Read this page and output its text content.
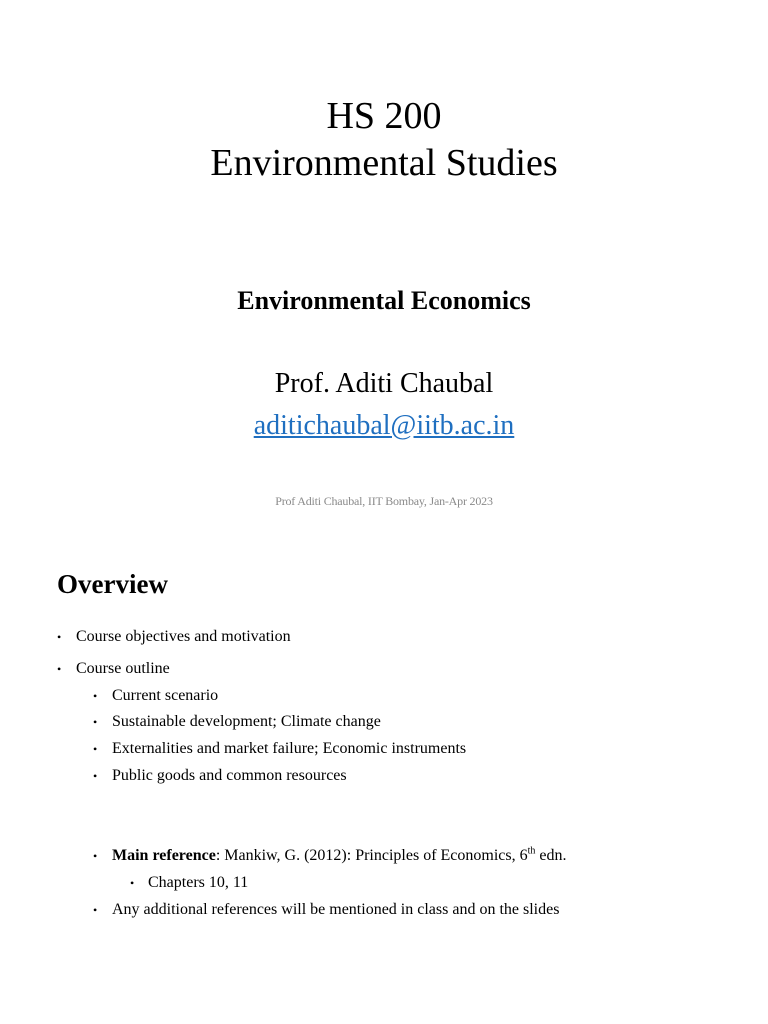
HS 200
Environmental Studies
Environmental Economics
Prof. Aditi Chaubal
aditichaubal@iitb.ac.in
Prof Aditi Chaubal, IIT Bombay, Jan-Apr 2023
Overview
• Course objectives and motivation
• Course outline
• Current scenario
• Sustainable development; Climate change
• Externalities and market failure; Economic instruments
• Public goods and common resources
• Main reference: Mankiw, G. (2012): Principles of Economics, 6th edn.
• Chapters 10, 11
• Any additional references will be mentioned in class and on the slides
